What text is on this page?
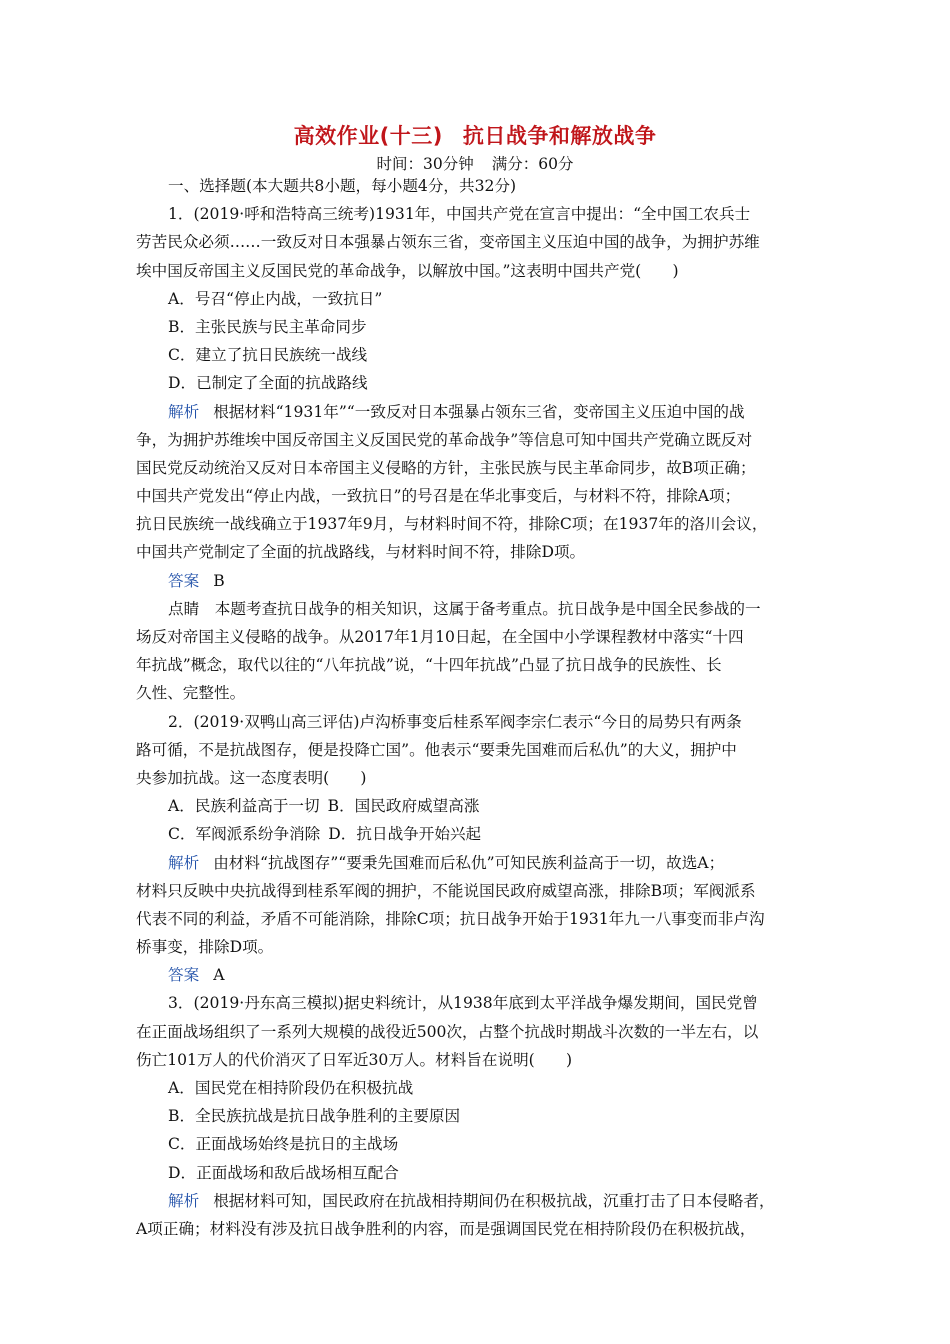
高效作业(十三) 抗日战争和解放战争
时间：30分钟 满分：60分
一、选择题(本大题共8小题，每小题4分，共32分)
1．(2019·呼和浩特高三统考)1931年，中国共产党在宣言中提出：“全中国工农兵士
劳苦民众必须……一致反对日本强暴占领东三省，变帝国主义压迫中国的战争，为拥护苏维
埃中国反帝国主义反国民党的革命战争，以解放中国。”这表明中国共产党(　　)
A．号召“停止内战，一致抗日”
B．主张民族与民主革命同步
C．建立了抗日民族统一战线
D．已制定了全面的抗战路线
解析 根据材料“1931年”“一致反对日本强暴占领东三省，变帝国主义压迫中国的战
争，为拥护苏维埃中国反帝国主义反国民党的革命战争”等信息可知中国共产党确立既反对
国民党反动统治又反对日本帝国主义侵略的方针，主张民族与民主革命同步，故B项正确；
中国共产党发出“停止内战，一致抗日”的号召是在华北事变后，与材料不符，排除A项；
抗日民族统一战线确立于1937年9月，与材料时间不符，排除C项；在1937年的洛川会议，
中国共产党制定了全面的抗战路线，与材料时间不符，排除D项。
答案 B
点睛　本题考查抗日战争的相关知识，这属于备考重点。抗日战争是中国全民参战的一
场反对帝国主义侵略的战争。从2017年1月10日起，在全国中小学课程教材中落实“十四
年抗战”概念，取代以往的“八年抗战”说，“十四年抗战”凸显了抗日战争的民族性、长
久性、完整性。
2．(2019·双鸭山高三评估)卢沟桥事变后桂系军阀李宗仁表示“今日的局势只有两条
路可循，不是抗战图存，便是投降亡国”。他表示“要秉先国难而后私仇”的大义，拥护中
央参加抗战。这一态度表明(　　)
A．民族利益高于一切 B．国民政府威望高涨
C．军阀派系纷争消除 D．抗日战争开始兴起
解析 由材料“抗战图存”“要秉先国难而后私仇”可知民族利益高于一切，故选A；
材料只反映中央抗战得到桂系军阀的拥护，不能说国民政府威望高涨，排除B项；军阀派系
代表不同的利益，矛盾不可能消除，排除C项；抗日战争开始于1931年九一八事变而非卢沟
桥事变，排除D项。
答案 A
3．(2019·丹东高三模拟)据史料统计，从1938年底到太平洋战争爆发期间，国民党曾
在正面战场组织了一系列大规模的战役近500次，占整个抗战时期战斗次数的一半左右，以
伤亡101万人的代价消灭了日军近30万人。材料旨在说明(　　)
A．国民党在相持阶段仍在积极抗战
B．全民族抗战是抗日战争胜利的主要原因
C．正面战场始终是抗日的主战场
D．正面战场和敌后战场相互配合
解析 根据材料可知，国民政府在抗战相持期间仍在积极抗战，沉重打击了日本侵略者，
A项正确；材料没有涉及抗日战争胜利的内容，而是强调国民党在相持阶段仍在积极抗战，
